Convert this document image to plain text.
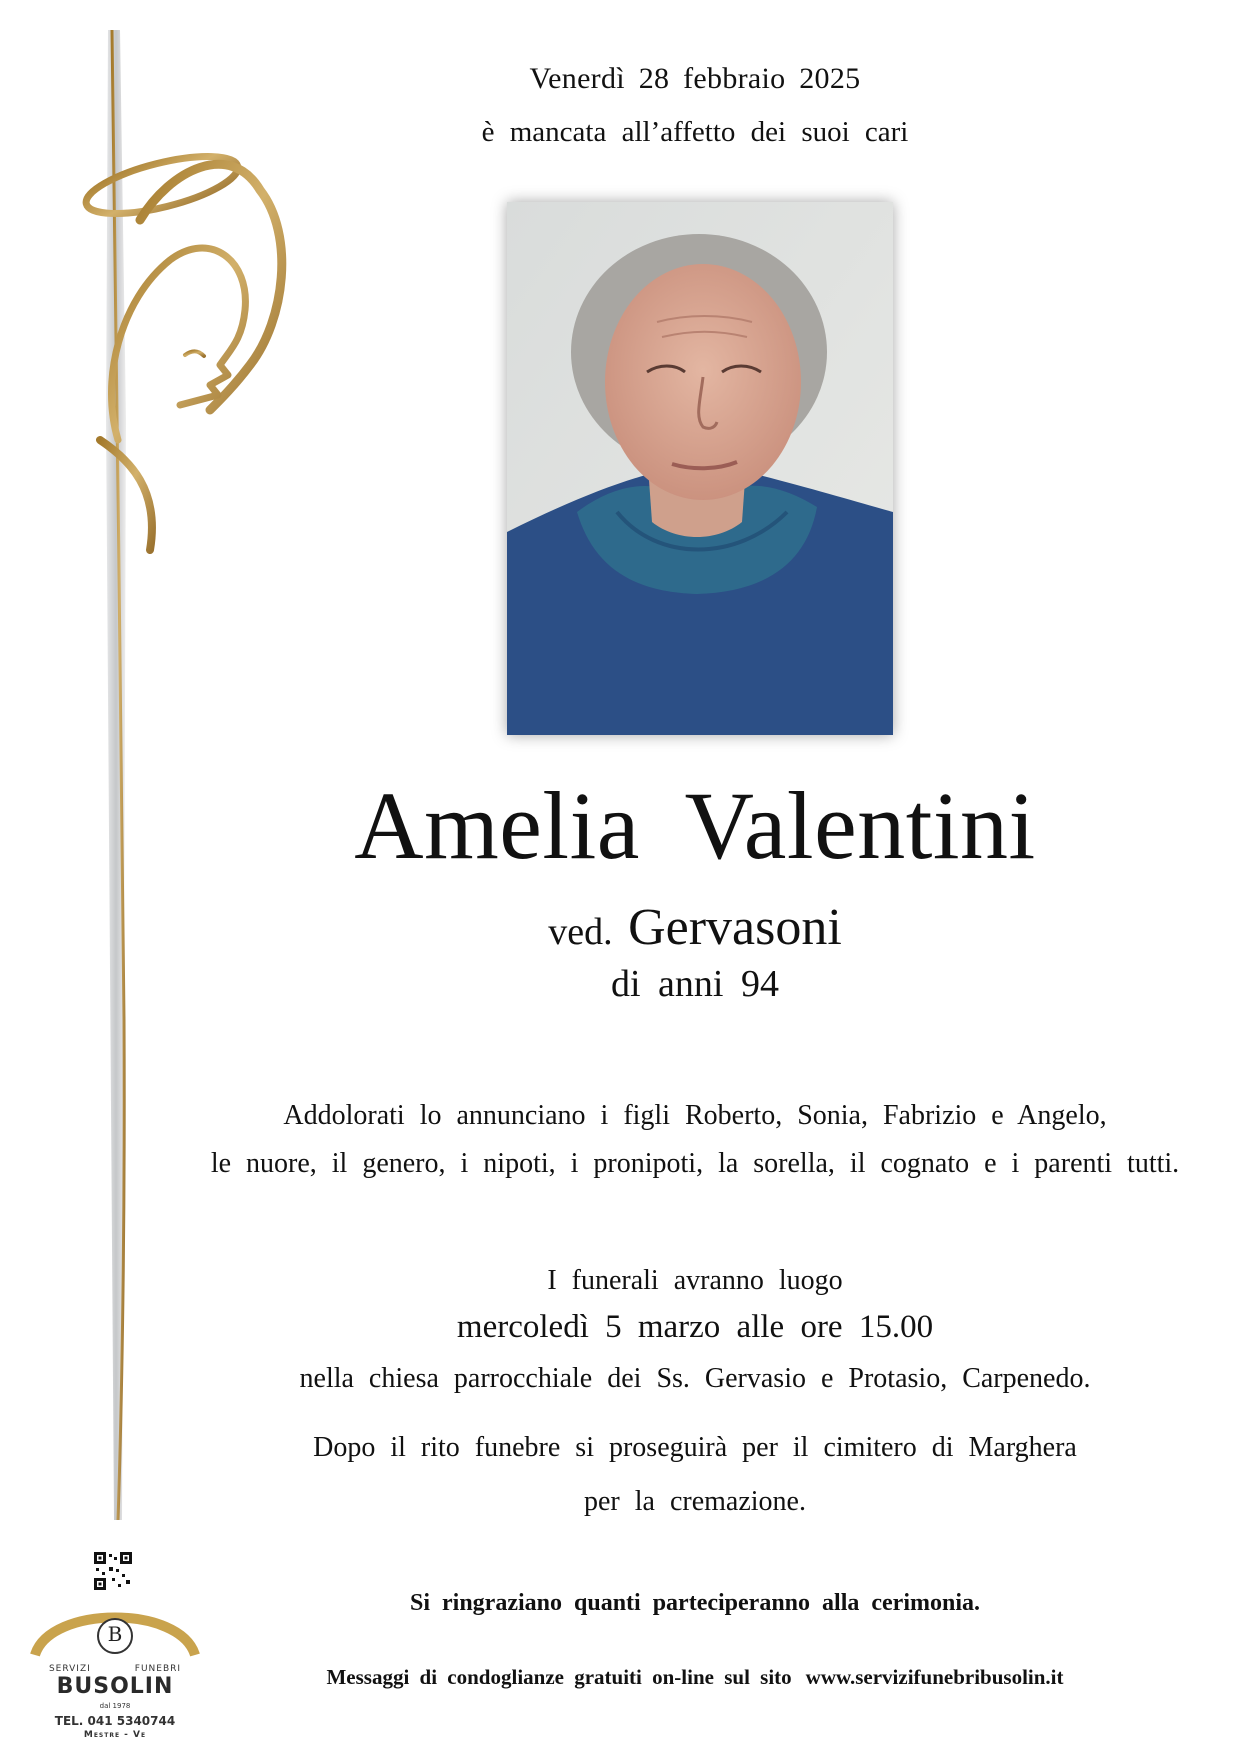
Venerdì 28 febbraio 2025
è mancata all’affetto dei suoi cari
Amelia Valentini
ved. Gervasoni
di anni 94
Addolorati lo annunciano i figli Roberto, Sonia, Fabrizio e Angelo,
le nuore, il genero, i nipoti, i pronipoti, la sorella, il cognato e i parenti tutti.
I funerali avranno luogo
mercoledì 5 marzo alle ore 15.00
nella chiesa parrocchiale dei Ss. Gervasio e Protasio, Carpenedo.
Dopo il rito funebre si proseguirà per il cimitero di Marghera
per la cremazione.
Si ringraziano quanti parteciperanno alla cerimonia.
Messaggi di condoglianze gratuiti on-line sul sito www.servizifunebribusolin.it
B
SERVIZI	FUNEBRI
BUSOLIN
dal 1978
TEL. 041 5340744
Mestre - Ve
